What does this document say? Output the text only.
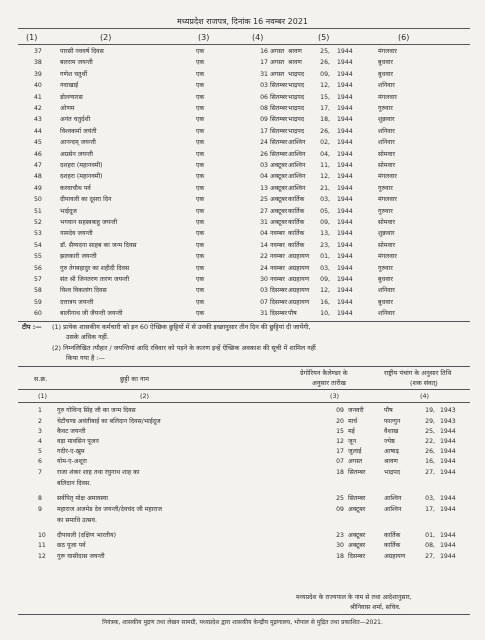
मध्यप्रदेश राजपत्र, दिनांक 16 नवम्बर 2021
(1)	(2)	(3)	(4)	(5)	(6)
37	पारसी नववर्ष दिवस	एक	16 अगस्त श्रावण	25, 1944	मंगलवार
38	बलराम जयन्ती	एक	17 अगस्त श्रावण	26, 1944	बुधवार
39	गणेश चतुर्थी	एक	31 अगस्त भाद्रपद	09, 1944	बुधवार
40	नवाखाई	एक	03 सितम्बर भाद्रपद	12, 1944	शनिवार
41	डोलग्यारस	एक	06 सितम्बर भाद्रपद	15, 1944	मंगलवार
42	ओणम	एक	08 सितम्बर भाद्रपद	17, 1944	गुरुवार
43	अनंत चतुर्दशी	एक	09 सितम्बर भाद्रपद	18, 1944	शुक्रवार
44	विश्वकर्मा जयंती	एक	17 सितम्बर भाद्रपद	26, 1944	शनिवार
45	आनन्दम् जयन्ती	एक	24 सितम्बर आश्विन	02, 1944	शनिवार
46	अग्रसेन जयन्ती	एक	26 सितम्बर आश्विन	04, 1944	सोमवार
47	दशहरा (महानवमी)	एक	03 अक्टूबर आश्विन	11, 1944	सोमवार
48	दशहरा (महानवमी)	एक	04 अक्टूबर आश्विन	12, 1944	मंगलवार
49	करवाचौथ पर्व	एक	13 अक्टूबर आश्विन	21, 1944	गुरुवार
50	दीपावली का दूसरा दिन	एक	25 अक्टूबर कार्तिक	03, 1944	मंगलवार
51	भाईदूज	एक	27 अक्टूबर कार्तिक	05, 1944	गुरुवार
52	भगवान सहस्त्रबाहु जयन्ती	एक	31 अक्टूबर कार्तिक	09, 1944	सोमवार
53	नामदेव जयन्ती	एक	04 नवम्बर कार्तिक	13, 1944	शुक्रवार
54	डॉ. सैय्यदना साहब का जन्म दिवस	एक	14 नवम्बर कार्तिक	23, 1944	सोमवार
55	झलकारी जयन्ती	एक	22 नवम्बर अग्रहायण	01, 1944	मंगलवार
56	गुरु तेगबहादुर का शहीदी दिवस	एक	24 नवम्बर अग्रहायण	03, 1944	गुरुवार
57	संत श्री जिनतरण तारण जयन्ती	एक	30 नवम्बर अग्रहायण	09, 1944	बुधवार
58	विश्व विकलांग दिवस	एक	03 दिसम्बर अग्रहायण	12, 1944	शनिवार
59	दत्तात्रय जयन्ती	एक	07 दिसम्बर अग्रहायण	16, 1944	बुधवार
60	बालीनाथ जी जैयन्ती जयन्ती	एक	31 दिसम्बर पौष	10, 1944	शनिवार
टीप :— (1) प्रत्येक शासकीय कर्मचारी को इन 60 ऐच्छिक छुट्टियों में से उनकी इच्छानुसार तीन दिन की छुट्टियां दी जायेंगी,
उसके अधिक नहीं.
(2) निम्नलिखित त्यौहार / जयन्तियां आदि रविवार को पड़ने के कारण इन्हें ऐच्छिक अवकाश की सूची में शामिल नहीं
किया गया है :—
स.क्र.	छुट्टी का नाम
ग्रेगोरियन कैलेण्डर के
अनुसार तारीख
राष्ट्रीय पंचांग के अनुसार तिथि
(शक संवत्)
(1)	(2)	(3)	(4)
1 गुरु गोविन्द सिंह जी का जन्म दिवस	09 जनवरी	पौष	19, 1943
2 चेटीचण्ड अवंतीबाई का बलिदान दिवस/भाईदूज	20 मार्च	फाल्गुन	29, 1943
3 कैवट जयन्ती	15 मई	वैशाख	25, 1944
4 वड़ा मावसिन पूजन	12 जून	ज्येष्ठ	22, 1944
5 गदीर-ए-खुम	17 जुलाई	आषाढ़	26, 1944
6 योम-ए-अशूरा	07 अगस्त	श्रावण	16, 1944
7 राजा शंकर शाह तथा रघुनाथ शाह का	18 सितम्बर	भाद्रपद	27, 1944
बलिदान दिवस.
8 सर्वपितृ मोक्ष अमावस्या	25 सितम्बर	आश्विन	03, 1944
9 महाराज अजमेड देव जयन्ती/देवचंद जी महाराज	09 अक्टूबर	आश्विन	17, 1944
का समाधि उत्सव.
10 दीपावली (दक्षिण भारतीय)	23 अक्टूबर	कार्तिक	01, 1944
11 छठ पूजा पर्व	30 अक्टूबर	कार्तिक	08, 1944
12 गुरू घासीदास जयन्ती	18 दिसम्बर	अग्रहायण	27, 1944
मध्यप्रदेश के राज्यपाल के नाम से तथा आदेशानुसार,
श्रीनिवास शर्मा, सचिव.
नियंत्रक, शासकीय मुद्रण तथा लेखन सामग्री, मध्यप्रदेश द्वारा शासकीय केन्द्रीय मुद्रणालय, भोपाल से मुद्रित तथा प्रकाशित—2021.
